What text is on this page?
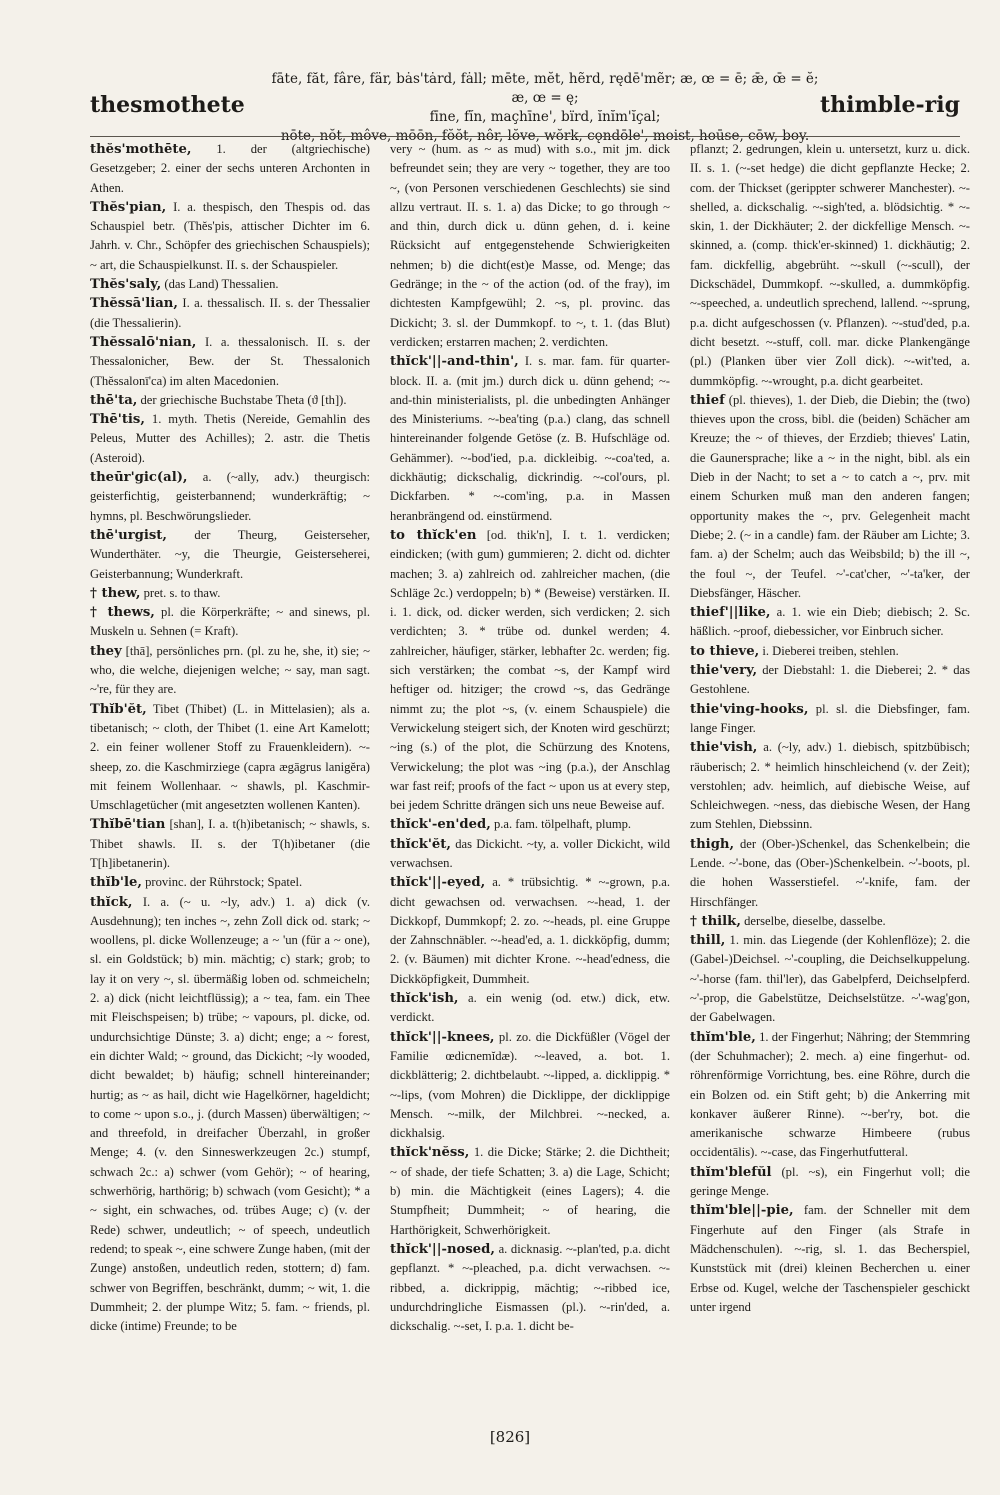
thesmothete
fāte, făt, fâre, fär, bȧs'tȧrd, fȧll; mēte, mĕt, hẽrd, rędē'mẽr; æ, œ = ē; ǣ, œ̄ = ĕ; æ, œ = ę;
fīne, fĭn, maçhīne', bïrd, ĭnĭm'ĭçal;
nōte, nŏt, môve, mōōn, fŏŏt, nôr, lŏve, wŏrk, cǫndōle', moist, hoūse, cōw, boy.
thimble-rig

thĕs'mothēte, 1. der (altgriechische) Gesetzgeber; 2. einer der sechs unteren Archonten in Athen.

Thĕs'pian, I. a. thespisch, den Thespis od. das Schauspiel betr. (Thĕs'pis, attischer Dichter im 6. Jahrh. v. Chr., Schöpfer des griechischen Schauspiels); ~ art, die Schauspielkunst. II. s. der Schauspieler.

Thĕs'saly, (das Land) Thessalien.

Thĕssā'lian, I. a. thessalisch. II. s. der Thessalier (die Thessalierin).

Thĕssalō'nian, I. a. thessalonisch. II. s. der Thessalonicher, Bew. der St. Thessalonich (Thĕssalonī'ca) im alten Macedonien.

thē'ta, der griechische Buchstabe Theta (ϑ [th]).

Thē'tis, 1. myth. Thetis (Nereide, Gemahlin des Peleus, Mutter des Achilles); 2. astr. die Thetis (Asteroid).

theūr'gic(al), a. (~ally, adv.) theurgisch: geisterfichtig, geisterbannend; wunderkräftig; ~ hymns, pl. Beschwörungslieder.

thē'urgist, der Theurg, Geisterseher, Wunderthäter. ~y, die Theurgie, Geisterseherei, Geisterbannung; Wunderkraft.

† thew, pret. s. to thaw.

† thews, pl. die Körperkräfte; ~ and sinews, pl. Muskeln u. Sehnen (= Kraft).

they [thā], persönliches prn. (pl. zu he, she, it) sie; ~ who, die welche, diejenigen welche; ~ say, man sagt. ~'re, für they are.

Thĭb'ĕt, Tibet (Thibet) (L. in Mittelasien); als a. tibetanisch; ~ cloth, der Thibet (1. eine Art Kamelott; 2. ein feiner wollener Stoff zu Frauenkleidern). ~-sheep, zo. die Kaschmirziege (capra ægāgrus lanigĕra) mit feinem Wollenhaar. ~ shawls, pl. Kaschmir-Umschlagetücher (mit angesetzten wollenen Kanten).

Thĭbē'tian [shan], I. a. t(h)ibetanisch; ~ shawls, s. Thibet shawls. II. s. der T(h)ibetaner (die T[h]ibetanerin).

thĭb'le, provinc. der Rührstock; Spatel.

thĭck, I. a. (~ u. ~ly, adv.) 1. a) dick (v. Ausdehnung); ten inches ~, zehn Zoll dick od. stark; ~ woollens, pl. dicke Wollenzeuge; a ~ 'un (für a ~ one), sl. ein Goldstück; b) min. mächtig; c) stark; grob; to lay it on very ~, sl. übermäßig loben od. schmeicheln; 2. a) dick (nicht leichtflüssig); a ~ tea, fam. ein Thee mit Fleischspeisen; b) trübe; ~ vapours, pl. dicke, od. undurchsichtige Dünste; 3. a) dicht; enge; a ~ forest, ein dichter Wald; ~ ground, das Dickicht; ~ly wooded, dicht bewaldet; b) häufig; schnell hintereinander; hurtig; as ~ as hail, dicht wie Hagelkörner, hageldicht; to come ~ upon s.o., j. (durch Massen) überwältigen; ~ and threefold, in dreifacher Überzahl, in großer Menge; 4. (v. den Sinneswerkzeugen 2c.) stumpf, schwach 2c.: a) schwer (vom Gehör); ~ of hearing, schwerhörig, harthörig; b) schwach (vom Gesicht); * a ~ sight, ein schwaches, od. trübes Auge; c) (v. der Rede) schwer, undeutlich; ~ of speech, undeutlich redend; to speak ~, eine schwere Zunge haben, (mit der Zunge) anstoßen, undeutlich reden, stottern; d) fam. schwer von Begriffen, beschränkt, dumm; ~ wit, 1. die Dummheit; 2. der plumpe Witz; 5. fam. ~ friends, pl. dicke (intime) Freunde; to be

very ~ (hum. as ~ as mud) with s.o., mit jm. dick befreundet sein; they are very ~ together, they are too ~, (von Personen verschiedenen Geschlechts) sie sind allzu vertraut. II. s. 1. a) das Dicke; to go through ~ and thin, durch dick u. dünn gehen, d. i. keine Rücksicht auf entgegenstehende Schwierigkeiten nehmen; b) die dicht(est)e Masse, od. Menge; das Gedränge; in the ~ of the action (od. of the fray), im dichtesten Kampfgewühl; 2. ~s, pl. provinc. das Dickicht; 3. sl. der Dummkopf. to ~, t. 1. (das Blut) verdicken; erstarren machen; 2. verdichten.

thĭck'||-and-thin', I. s. mar. fam. für quarter-block. II. a. (mit jm.) durch dick u. dünn gehend; ~-and-thin ministerialists, pl. die unbedingten Anhänger des Ministeriums. ~-bea'ting (p.a.) clang, das schnell hintereinander folgende Getöse (z. B. Hufschläge od. Gehämmer). ~-bod'ied, p.a. dickleibig. ~-coa'ted, a. dickhäutig; dickschalig, dickrindig. ~-col'ours, pl. Dickfarben. * ~-com'ing, p.a. in Massen heranbrängend od. einstürmend.

to thĭck'en [od. thik'n], I. t. 1. verdicken; eindicken; (with gum) gummieren; 2. dicht od. dichter machen; 3. a) zahlreich od. zahlreicher machen, (die Schläge 2c.) verdoppeln; b) * (Beweise) verstärken. II. i. 1. dick, od. dicker werden, sich verdicken; 2. sich verdichten; 3. * trübe od. dunkel werden; 4. zahlreicher, häufiger, stärker, lebhafter 2c. werden; fig. sich verstärken; the combat ~s, der Kampf wird heftiger od. hitziger; the crowd ~s, das Gedränge nimmt zu; the plot ~s, (v. einem Schauspiele) die Verwickelung steigert sich, der Knoten wird geschürzt; ~ing (s.) of the plot, die Schürzung des Knotens, Verwickelung; the plot was ~ing (p.a.), der Anschlag war fast reif; proofs of the fact ~ upon us at every step, bei jedem Schritte drängen sich uns neue Beweise auf.

thĭck'-en'ded, p.a. fam. tölpelhaft, plump.

thĭck'ĕt, das Dickicht. ~ty, a. voller Dickicht, wild verwachsen.

thĭck'||-eyed, a. * trübsichtig. * ~-grown, p.a. dicht gewachsen od. verwachsen. ~-head, 1. der Dickkopf, Dummkopf; 2. zo. ~-heads, pl. eine Gruppe der Zahnschnäbler. ~-head'ed, a. 1. dickköpfig, dumm; 2. (v. Bäumen) mit dichter Krone. ~-head'edness, die Dickköpfigkeit, Dummheit.

thĭck'ish, a. ein wenig (od. etw.) dick, etw. verdickt.

thĭck'||-knees, pl. zo. die Dickfüßler (Vögel der Familie œdicnemĭdæ). ~-leaved, a. bot. 1. dickblätterig; 2. dichtbelaubt. ~-lipped, a. dicklippig. * ~-lips, (vom Mohren) die Dicklippe, der dicklippige Mensch. ~-milk, der Milchbrei. ~-necked, a. dickhalsig.

thĭck'nĕss, 1. die Dicke; Stärke; 2. die Dichtheit; ~ of shade, der tiefe Schatten; 3. a) die Lage, Schicht; b) min. die Mächtigkeit (eines Lagers); 4. die Stumpfheit; Dummheit; ~ of hearing, die Harthörigkeit, Schwerhörigkeit.

thĭck'||-nosed, a. dicknasig. ~-plan'ted, p.a. dicht gepflanzt. * ~-pleached, p.a. dicht verwachsen. ~-ribbed, a. dickrippig, mächtig; ~-ribbed ice, undurchdringliche Eismassen (pl.). ~-rin'ded, a. dickschalig. ~-set, I. p.a. 1. dicht be-

pflanzt; 2. gedrungen, klein u. untersetzt, kurz u. dick. II. s. 1. (~-set hedge) die dicht gepflanzte Hecke; 2. com. der Thickset (gerippter schwerer Manchester). ~-shelled, a. dickschalig. ~-sigh'ted, a. blödsichtig. * ~-skin, 1. der Dickhäuter; 2. der dickfellige Mensch. ~-skinned, a. (comp. thick'er-skinned) 1. dickhäutig; 2. fam. dickfellig, abgebrüht. ~-skull (~-scull), der Dickschädel, Dummkopf. ~-skulled, a. dummköpfig. ~-speeched, a. undeutlich sprechend, lallend. ~-sprung, p.a. dicht aufgeschossen (v. Pflanzen). ~-stud'ded, p.a. dicht besetzt. ~-stuff, coll. mar. dicke Plankengänge (pl.) (Planken über vier Zoll dick). ~-wit'ted, a. dummköpfig. ~-wrought, p.a. dicht gearbeitet.

thief (pl. thieves), 1. der Dieb, die Diebin; the (two) thieves upon the cross, bibl. die (beiden) Schächer am Kreuze; the ~ of thieves, der Erzdieb; thieves' Latin, die Gaunersprache; like a ~ in the night, bibl. als ein Dieb in der Nacht; to set a ~ to catch a ~, prv. mit einem Schurken muß man den anderen fangen; opportunity makes the ~, prv. Gelegenheit macht Diebe; 2. (~ in a candle) fam. der Räuber am Lichte; 3. fam. a) der Schelm; auch das Weibsbild; b) the ill ~, the foul ~, der Teufel. ~'-cat'cher, ~'-ta'ker, der Diebsfänger, Häscher.

thief'||like, a. 1. wie ein Dieb; diebisch; 2. Sc. häßlich. ~proof, diebessicher, vor Einbruch sicher.

to thieve, i. Dieberei treiben, stehlen.

thie'very, der Diebstahl: 1. die Dieberei; 2. * das Gestohlene.

thie'ving-hooks, pl. sl. die Diebsfinger, fam. lange Finger.

thie'vish, a. (~ly, adv.) 1. diebisch, spitzbübisch; räuberisch; 2. * heimlich hinschleichend (v. der Zeit); verstohlen; adv. heimlich, auf diebische Weise, auf Schleichwegen. ~ness, das diebische Wesen, der Hang zum Stehlen, Diebssinn.

thigh, der (Ober-)Schenkel, das Schenkelbein; die Lende. ~'-bone, das (Ober-)Schenkelbein. ~'-boots, pl. die hohen Wasserstiefel. ~'-knife, fam. der Hirschfänger.

† thilk, derselbe, dieselbe, dasselbe.

thill, 1. min. das Liegende (der Kohlenflöze); 2. die (Gabel-)Deichsel. ~'-coupling, die Deichselkuppelung. ~'-horse (fam. thil'ler), das Gabelpferd, Deichselpferd. ~'-prop, die Gabelstütze, Deichselstütze. ~'-wag'gon, der Gabelwagen.

thĭm'ble, 1. der Fingerhut; Nähring; der Stemmring (der Schuhmacher); 2. mech. a) eine fingerhut- od. röhrenförmige Vorrichtung, bes. eine Röhre, durch die ein Bolzen od. ein Stift geht; b) die Ankerring mit konkaver äußerer Rinne). ~-ber'ry, bot. die amerikanische schwarze Himbeere (rubus occidentālis). ~-case, das Fingerhutfutteral.

thĭm'blefŭl (pl. ~s), ein Fingerhut voll; die geringe Menge.

thĭm'ble||-pie, fam. der Schneller mit dem Fingerhute auf den Finger (als Strafe in Mädchenschulen). ~-rig, sl. 1. das Becherspiel, Kunststück mit (drei) kleinen Becherchen u. einer Erbse od. Kugel, welche der Taschenspieler geschickt unter irgend

[826]
